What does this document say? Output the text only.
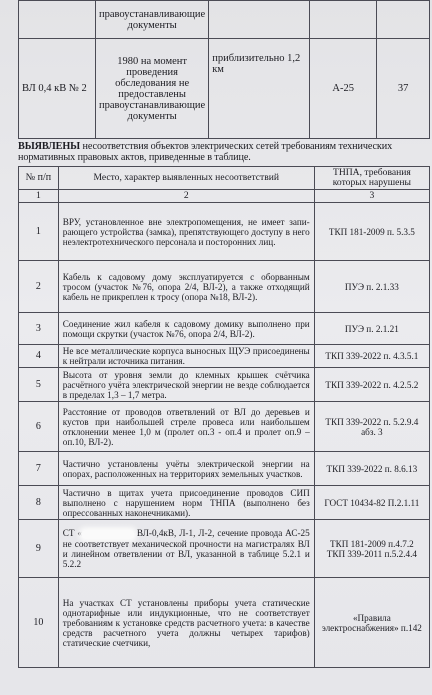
	правоустанавливающие документы			
ВЛ 0,4 кВ № 2	1980 на момент проведения обследования не предоставлены правоустанавливающие документы	приблизительно 1,2 км	А-25	37
ВЫЯВЛЕНЫ несоответствия объектов электрических сетей требованиям технических нормативных правовых актов, приведенные в таблице.
№ п/п	Место, характер выявленных несоответствий	ТНПА, требования которых нарушены
1	2	3
1	ВРУ, установленное вне электропомещения, не имеет запи-рающего устройства (замка), препятствующего доступу в него неэлектротехнического персонала и посторонних лиц.	ТКП 181-2009 п. 5.3.5
2	Кабель к садовому дому эксплуатируется с оборванным тросом (участок №76, опора 2/4, ВЛ-2), а также отходящий кабель не прикреплен к тросу (опора №18, ВЛ-2).	ПУЭ п. 2.1.33
3	Соединение жил кабеля к садовому домику выполнено при помощи скрутки (участок №76, опора 2/4, ВЛ-2).	ПУЭ п. 2.1.21
4	Не все металлические корпуса выносных ЩУЭ присоединены к нейтрали источника питания.	ТКП 339-2022 п. 4.3.5.1
5	Высота от уровня земли до клемных крышек счётчика расчётного учёта электрической энергии не везде соблюдается в пределах 1,3 – 1,7 метра.	ТКП 339-2022 п. 4.2.5.2
6	Расстояние от проводов ответвлений от ВЛ до деревьев и кустов при наибольшей стреле провеса или наибольшем отклонении менее 1,0 м (пролет оп.3 - оп.4 и пролет оп.9 – оп.10, ВЛ-2).	ТКП 339-2022 п. 5.2.9.4 абз. 3
7	Частично установлены учёты электрической энергии на опорах, расположенных на территориях земельных участков.	ТКП 339-2022 п. 8.6.13
8	Частично в щитах учета присоединение проводов СИП выполнено с нарушением норм ТНПА (выполнено без опрессованных наконечниками).	ГОСТ 10434-82 П.2.1.11
9	СТ « ВЛ-0,4кВ, Л-1, Л-2, сечение провода АС-25 не соответствует механической прочности на магистралях ВЛ и линейном ответвлении от ВЛ, указанной в таблице 5.2.1 и 5.2.2	ТКП 181-2009 п.4.7.2
ТКП 339-2011 п.5.2.4.4

10	На участках СТ установлены приборы учета статические однотарифные или индукционные, что не соответствует требованиям к установке средств расчетного учета: в качестве средств расчетного учета должны четырех тарифов) статические счетчики,	«Правила электроснабжения» п.142
